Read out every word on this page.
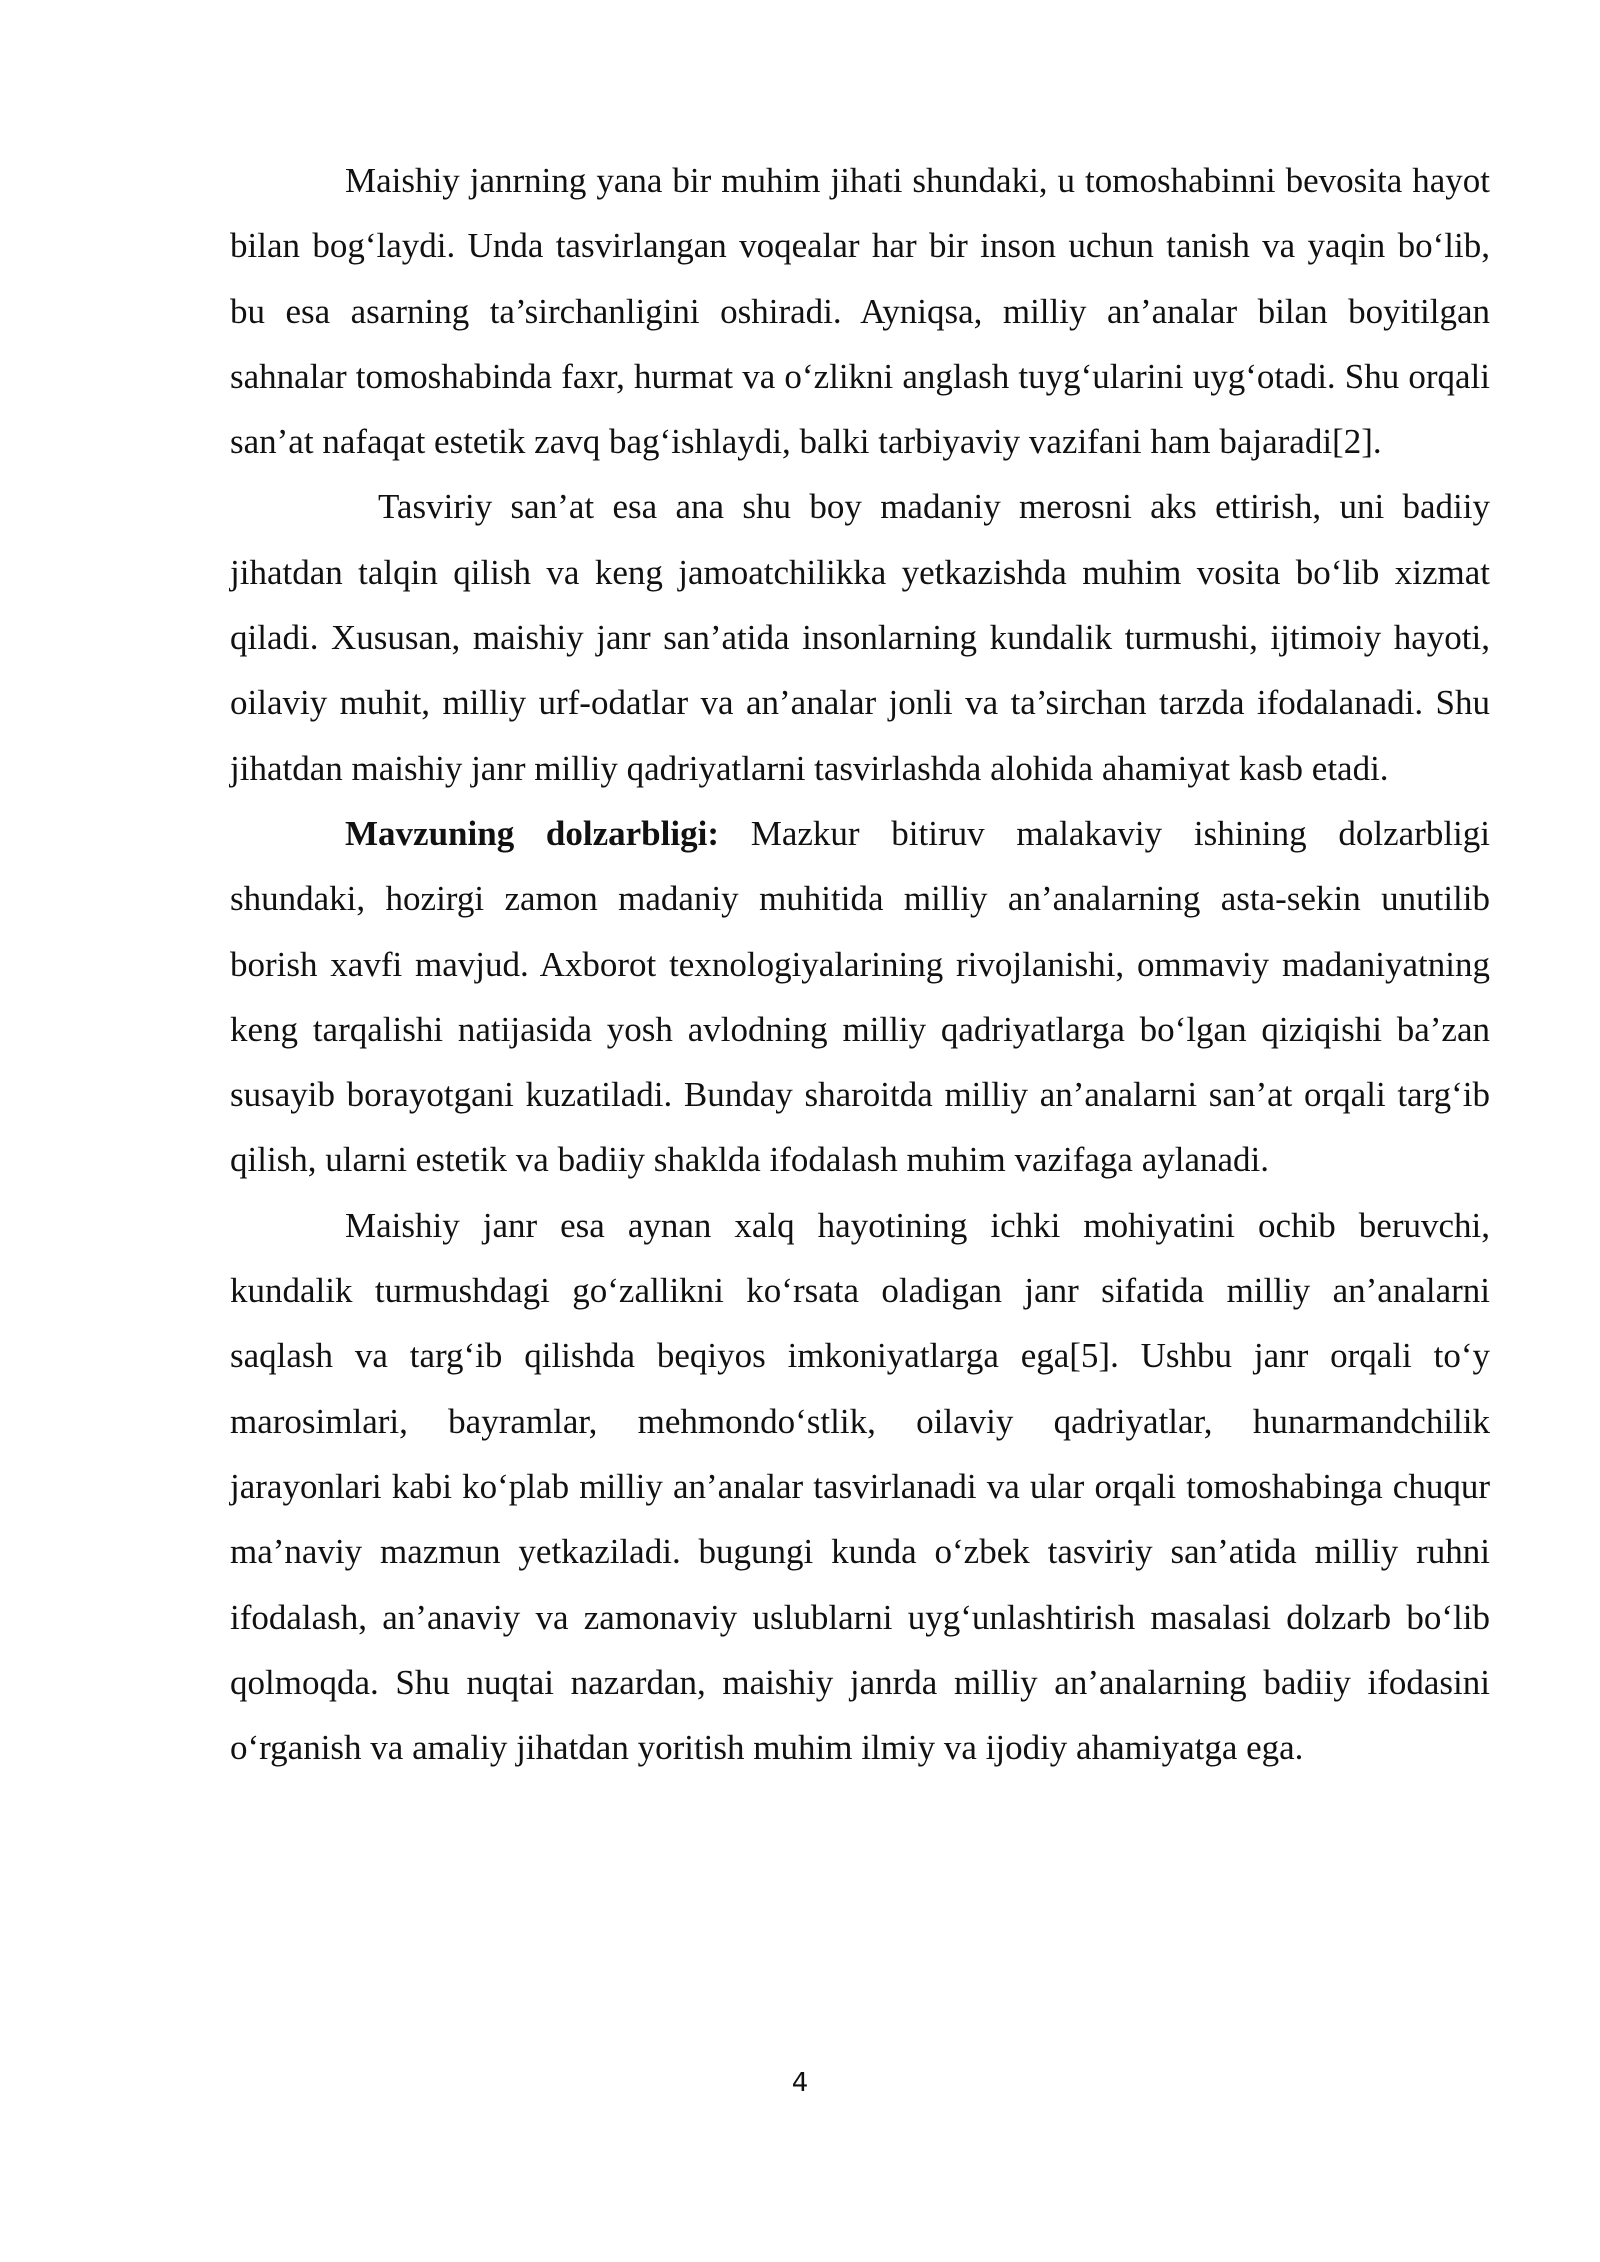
Maishiy janrning yana bir muhim jihati shundaki, u tomoshabinni bevosita hayot bilan bog‘laydi. Unda tasvirlangan voqealar har bir inson uchun tanish va yaqin bo‘lib, bu esa asarning ta’sirchanligini oshiradi. Ayniqsa, milliy an’analar bilan boyitilgan sahnalar tomoshabinda faxr, hurmat va o‘zlikni anglash tuyg‘ularini uyg‘otadi. Shu orqali san’at nafaqat estetik zavq bag‘ishlaydi, balki tarbiyaviy vazifani ham bajaradi[2].

Tasviriy san’at esa ana shu boy madaniy merosni aks ettirish, uni badiiy jihatdan talqin qilish va keng jamoatchilikka yetkazishda muhim vosita bo‘lib xizmat qiladi. Xususan, maishiy janr san’atida insonlarning kundalik turmushi, ijtimoiy hayoti, oilaviy muhit, milliy urf-odatlar va an’analar jonli va ta’sirchan tarzda ifodalanadi. Shu jihatdan maishiy janr milliy qadriyatlarni tasvirlashda alohida ahamiyat kasb etadi.

Mavzuning dolzarbligi: Mazkur bitiruv malakaviy ishining dolzarbligi shundaki, hozirgi zamon madaniy muhitida milliy an’analarning asta-sekin unutilib borish xavfi mavjud. Axborot texnologiyalarining rivojlanishi, ommaviy madaniyatning keng tarqalishi natijasida yosh avlodning milliy qadriyatlarga bo‘lgan qiziqishi ba’zan susayib borayotgani kuzatiladi. Bunday sharoitda milliy an’analarni san’at orqali targ‘ib qilish, ularni estetik va badiiy shaklda ifodalash muhim vazifaga aylanadi.

Maishiy janr esa aynan xalq hayotining ichki mohiyatini ochib beruvchi, kundalik turmushdagi go‘zallikni ko‘rsata oladigan janr sifatida milliy an’analarni saqlash va targ‘ib qilishda beqiyos imkoniyatlarga ega[5]. Ushbu janr orqali to‘y marosimlari, bayramlar, mehmondo‘stlik, oilaviy qadriyatlar, hunarmandchilik jarayonlari kabi ko‘plab milliy an’analar tasvirlanadi va ular orqali tomoshabinga chuqur ma’naviy mazmun yetkaziladi. bugungi kunda o‘zbek tasviriy san’atida milliy ruhni ifodalash, an’anaviy va zamonaviy uslublarni uyg‘unlashtirish masalasi dolzarb bo‘lib qolmoqda. Shu nuqtai nazardan, maishiy janrda milliy an’analarning badiiy ifodasini o‘rganish va amaliy jihatdan yoritish muhim ilmiy va ijodiy ahamiyatga ega.

4
